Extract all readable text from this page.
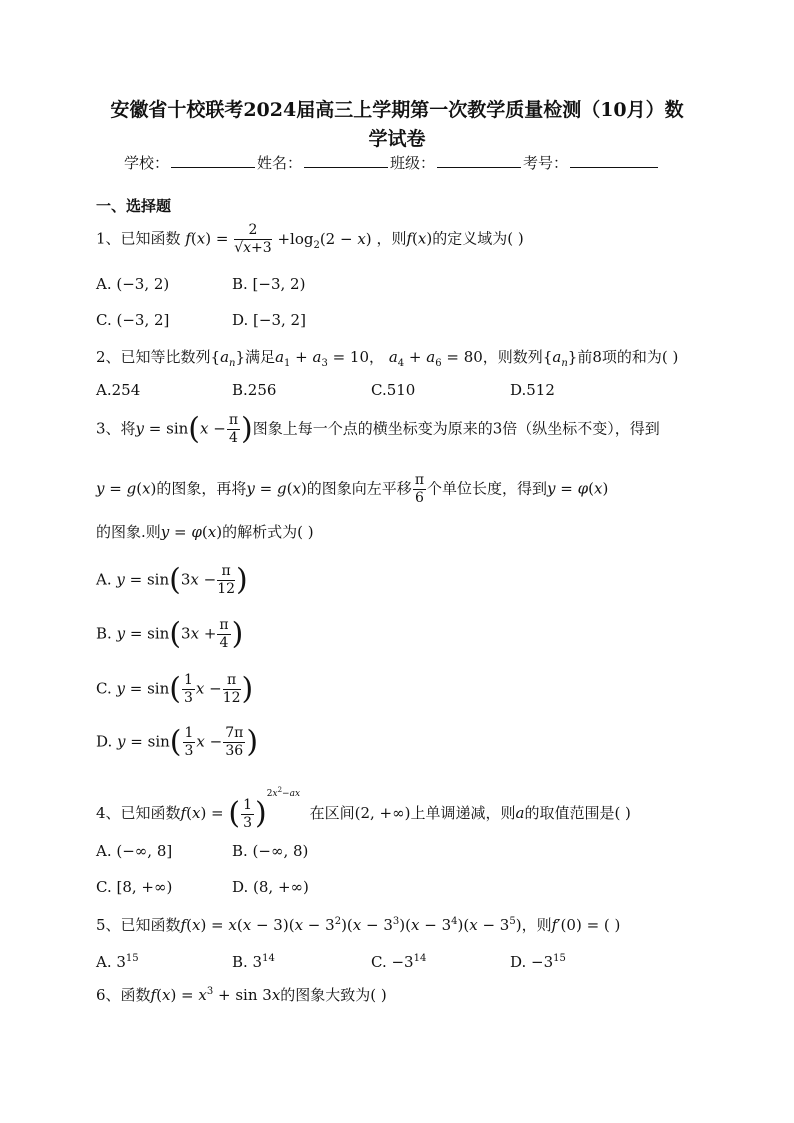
安徽省十校联考2024届高三上学期第一次教学质量检测（10月）数
学试卷
学校：	姓名：	班级：	考号：
一、选择题
1、已知函数 $f(x) = \frac{2}{√x+3} +\log_2(2 - x)$ ，则f(x)的定义域为( )
A. (−3, 2)	B. [−3, 2)
C. (−3, 2]	D. [−3, 2]
2、已知等比数列$\{a_n\}$满足$a_1 + a_3 = 10$， $a_4 + a_6 = 80$，则数列$\{a_n\}$前8项的和为( )
A.254	B.256	C.510	D.512
3、将$y = \sin(x - \frac{\pi}{4}$ )图象上每一个点的横坐标变为原来的3倍（纵坐标不变），得到
y = g(x)的图象，再将y = g(x)的图象向左平移 $\frac{\pi}{6}$ 个单位长度，得到y = φ(x)
的图象.则y = φ(x)的解析式为( )
A. $y = \sin(3x - \frac{\pi}{12}$ )
B. $y = \sin(3x + \frac{\pi}{4}$ )
C. $y = \sin( \frac{1}{3}$ $x - \frac{\pi}{12}$ )
D. $y = \sin( \frac{1}{3}$ $x - \frac{7\pi}{36}$ )
4、已知函数f(x) = ( $\frac{1}{3} )^{2x^2-ax}$  在区间(2, +∞)上单调递减，则a的取值范围是( )
A. (−∞, 8]	B. (−∞, 8)
C. [8, +∞)	D. (8, +∞)
5、已知函数$f(x) = x(x - 3)(x - 3^2)(x - 3^3)(x - 3^4)(x - 3^5)$，则f′(0) = ( )
A. $3^{15}$	B. $3^{14}$	C. $-3^{14}$	D. $-3^{15}$
6、函数$f(x) = x^3 + \sin 3x$的图象大致为( )
